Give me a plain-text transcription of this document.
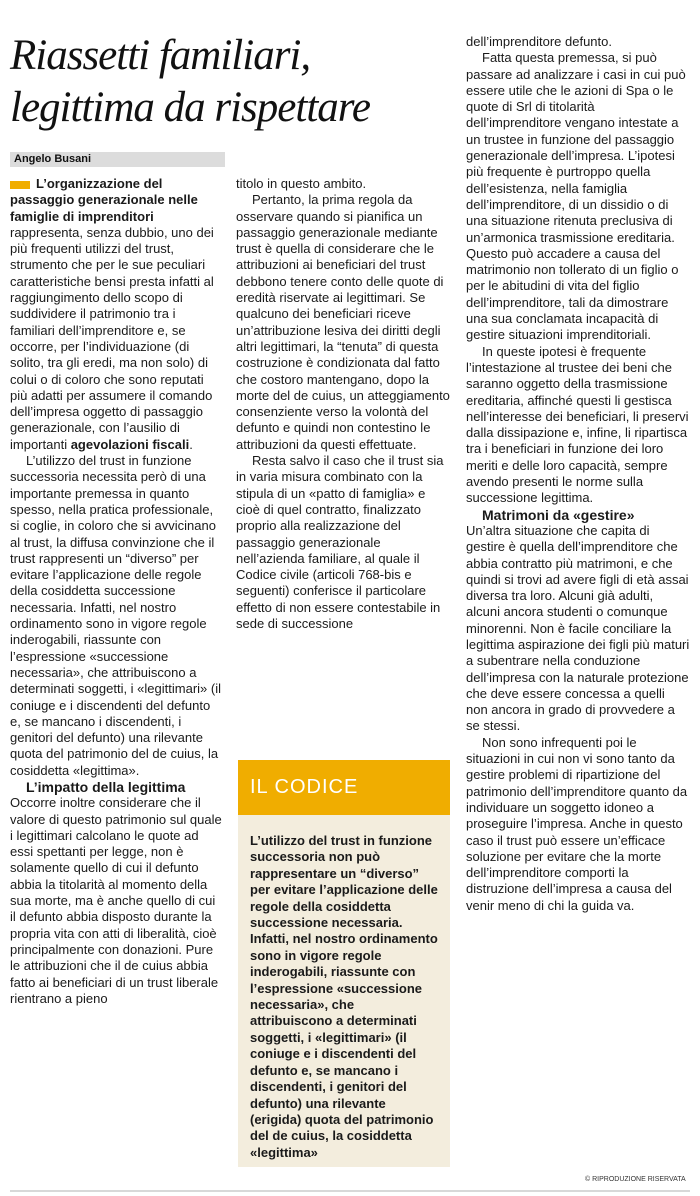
Riassetti familiari,
legittima da rispettare
Angelo Busani

L’organizzazione del passaggio generazionale nelle famiglie di imprenditori rappresenta, senza dubbio, uno dei più frequenti utilizzi del trust, strumento che per le sue peculiari caratteristiche bensi presta infatti al raggiungimento dello scopo di suddividere il patrimonio tra i familiari dell’imprenditore e, se occorre, per l’individuazione (di solito, tra gli eredi, ma non solo) di colui o di coloro che sono reputati più adatti per assumere il comando dell’impresa oggetto di passaggio generazionale, con l’ausilio di importanti agevolazioni fiscali.

L’utilizzo del trust in funzione successoria necessita però di una importante premessa in quanto spesso, nella pratica professionale, si coglie, in coloro che si avvicinano al trust, la diffusa convinzione che il trust rappresenti un “diverso” per evitare l’applicazione delle regole della cosiddetta successione necessaria. Infatti, nel nostro ordinamento sono in vigore regole inderogabili, riassunte con l’espressione «successione necessaria», che attribuiscono a determinati soggetti, i «legittimari» (il coniuge e i discendenti del defunto e, se mancano i discendenti, i genitori del defunto) una rilevante quota del patrimonio del de cuius, la cosiddetta «legittima».

L’impatto della legittima

Occorre inoltre considerare che il valore di questo patrimonio sul quale i legittimari calcolano le quote ad essi spettanti per legge, non è solamente quello di cui il defunto abbia la titolarità al momento della sua morte, ma è anche quello di cui il defunto abbia disposto durante la propria vita con atti di liberalità, cioè principalmente con donazioni. Pure le attribuzioni che il de cuius abbia fatto ai beneficiari di un trust liberale rientrano a pieno

titolo in questo ambito.

Pertanto, la prima regola da osservare quando si pianifica un passaggio generazionale mediante trust è quella di considerare che le attribuzioni ai beneficiari del trust debbono tenere conto delle quote di eredità riservate ai legittimari. Se qualcuno dei beneficiari riceve un’attribuzione lesiva dei diritti degli altri legittimari, la “tenuta” di questa costruzione è condizionata dal fatto che costoro mantengano, dopo la morte del de cuius, un atteggiamento consenziente verso la volontà del defunto e quindi non contestino le attribuzioni da questi effettuate.

Resta salvo il caso che il trust sia in varia misura combinato con la stipula di un «patto di famiglia» e cioè di quel contratto, finalizzato proprio alla realizzazione del passaggio generazionale nell’azienda familiare, al quale il Codice civile (articoli 768-bis e seguenti) conferisce il particolare effetto di non essere contestabile in sede di successione

IL CODICE
L’utilizzo del trust in funzione successoria non può rappresentare un “diverso” per evitare l’applicazione delle regole della cosiddetta successione necessaria. Infatti, nel nostro ordinamento sono in vigore regole inderogabili, riassunte con l’espressione «successione necessaria», che attribuiscono a determinati soggetti, i «legittimari» (il coniuge e i discendenti del defunto e, se mancano i discendenti, i genitori del defunto) una rilevante (erigida) quota del patrimonio del de cuius, la cosiddetta «legittima»

dell’imprenditore defunto.

Fatta questa premessa, si può passare ad analizzare i casi in cui può essere utile che le azioni di Spa o le quote di Srl di titolarità dell’imprenditore vengano intestate a un trustee in funzione del passaggio generazionale dell’impresa. L’ipotesi più frequente è purtroppo quella dell’esistenza, nella famiglia dell’imprenditore, di un dissidio o di una situazione ritenuta preclusiva di un’armonica trasmissione ereditaria. Questo può accadere a causa del matrimonio non tollerato di un figlio o per le abitudini di vita del figlio dell’imprenditore, tali da dimostrare una sua conclamata incapacità di gestire situazioni imprenditoriali.

In queste ipotesi è frequente l’intestazione al trustee dei beni che saranno oggetto della trasmissione ereditaria, affinché questi li gestisca nell’interesse dei beneficiari, li preservi dalla dissipazione e, infine, li ripartisca tra i beneficiari in funzione dei loro meriti e delle loro capacità, sempre avendo presenti le norme sulla successione legittima.

Matrimoni da «gestire»

Un’altra situazione che capita di gestire è quella dell’imprenditore che abbia contratto più matrimoni, e che quindi si trovi ad avere figli di età assai diversa tra loro. Alcuni già adulti, alcuni ancora studenti o comunque minorenni. Non è facile conciliare la legittima aspirazione dei figli più maturi a subentrare nella conduzione dell’impresa con la naturale protezione che deve essere concessa a quelli non ancora in grado di provvedere a se stessi.

Non sono infrequenti poi le situazioni in cui non vi sono tanto da gestire problemi di ripartizione del patrimonio dell’imprenditore quanto da individuare un soggetto idoneo a proseguire l’impresa. Anche in questo caso il trust può essere un’efficace soluzione per evitare che la morte dell’imprenditore comporti la distruzione dell’impresa a causa del venir meno di chi la guida va.

© RIPRODUZIONE RISERVATA
